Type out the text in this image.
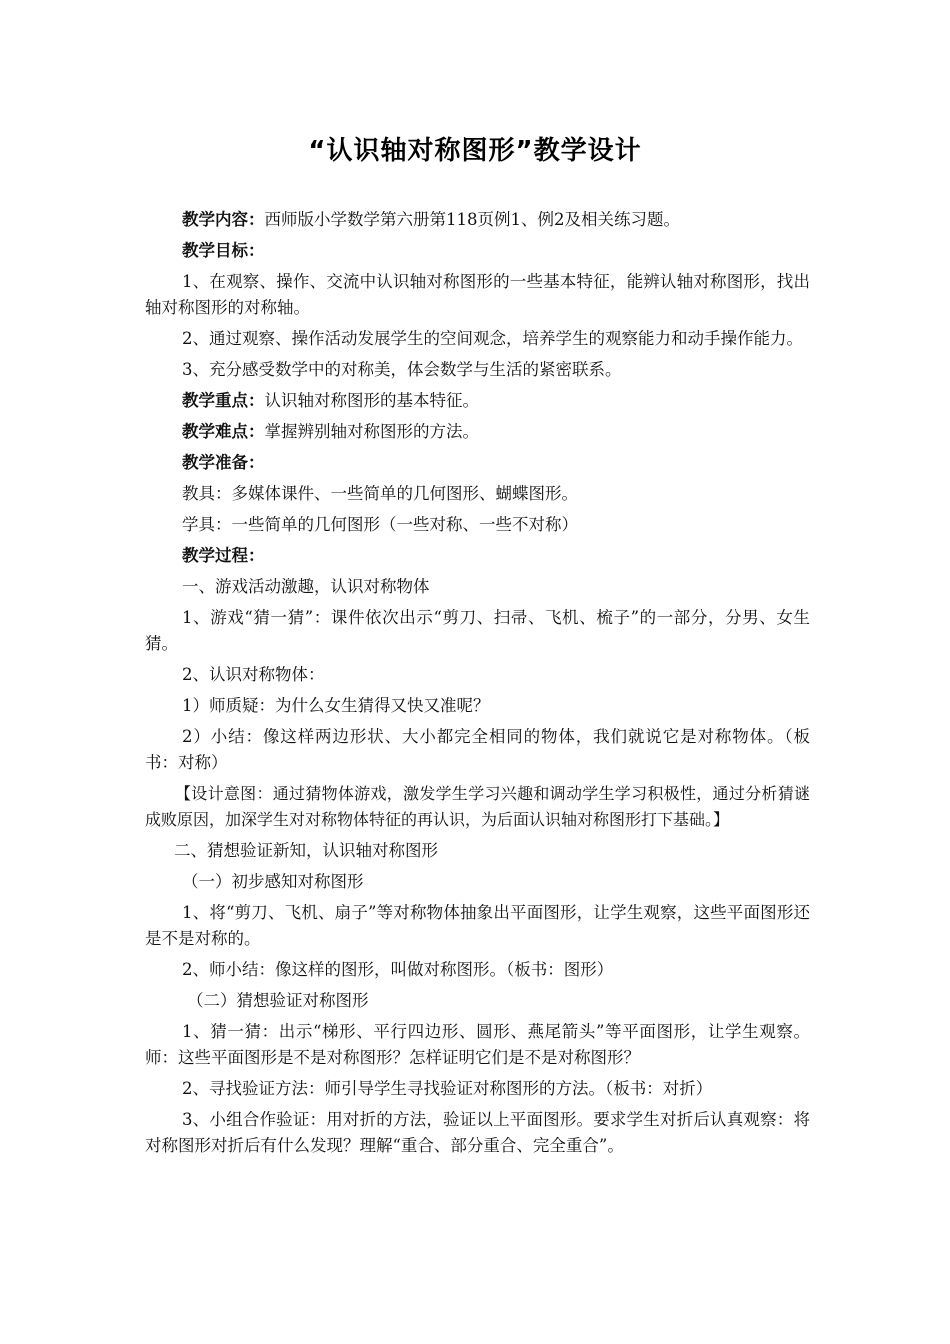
“认识轴对称图形”教学设计

教学内容：西师版小学数学第六册第118页例1、例2及相关练习题。

教学目标：

1、在观察、操作、交流中认识轴对称图形的一些基本特征，能辨认轴对称图形，找出轴对称图形的对称轴。

2、通过观察、操作活动发展学生的空间观念，培养学生的观察能力和动手操作能力。

3、充分感受数学中的对称美，体会数学与生活的紧密联系。

教学重点：认识轴对称图形的基本特征。

教学难点：掌握辨别轴对称图形的方法。

教学准备：

教具：多媒体课件、一些简单的几何图形、蝴蝶图形。

学具：一些简单的几何图形（一些对称、一些不对称）

教学过程：

一、游戏活动激趣，认识对称物体

1、游戏“猜一猜”：课件依次出示“剪刀、扫帚、飞机、梳子”的一部分，分男、女生猜。

2、认识对称物体：

1）师质疑：为什么女生猜得又快又准呢？

2）小结：像这样两边形状、大小都完全相同的物体，我们就说它是对称物体。（板书：对称）

【设计意图：通过猜物体游戏，激发学生学习兴趣和调动学生学习积极性，通过分析猜谜成败原因，加深学生对对称物体特征的再认识，为后面认识轴对称图形打下基础。】

二、猜想验证新知，认识轴对称图形

（一）初步感知对称图形

1、将“剪刀、飞机、扇子”等对称物体抽象出平面图形，让学生观察，这些平面图形还是不是对称的。

2、师小结：像这样的图形，叫做对称图形。（板书：图形）

（二）猜想验证对称图形

1、猜一猜：出示“梯形、平行四边形、圆形、燕尾箭头”等平面图形，让学生观察。师：这些平面图形是不是对称图形？怎样证明它们是不是对称图形？

2、寻找验证方法：师引导学生寻找验证对称图形的方法。（板书：对折）

3、小组合作验证：用对折的方法，验证以上平面图形。要求学生对折后认真观察：将对称图形对折后有什么发现？理解“重合、部分重合、完全重合”。
